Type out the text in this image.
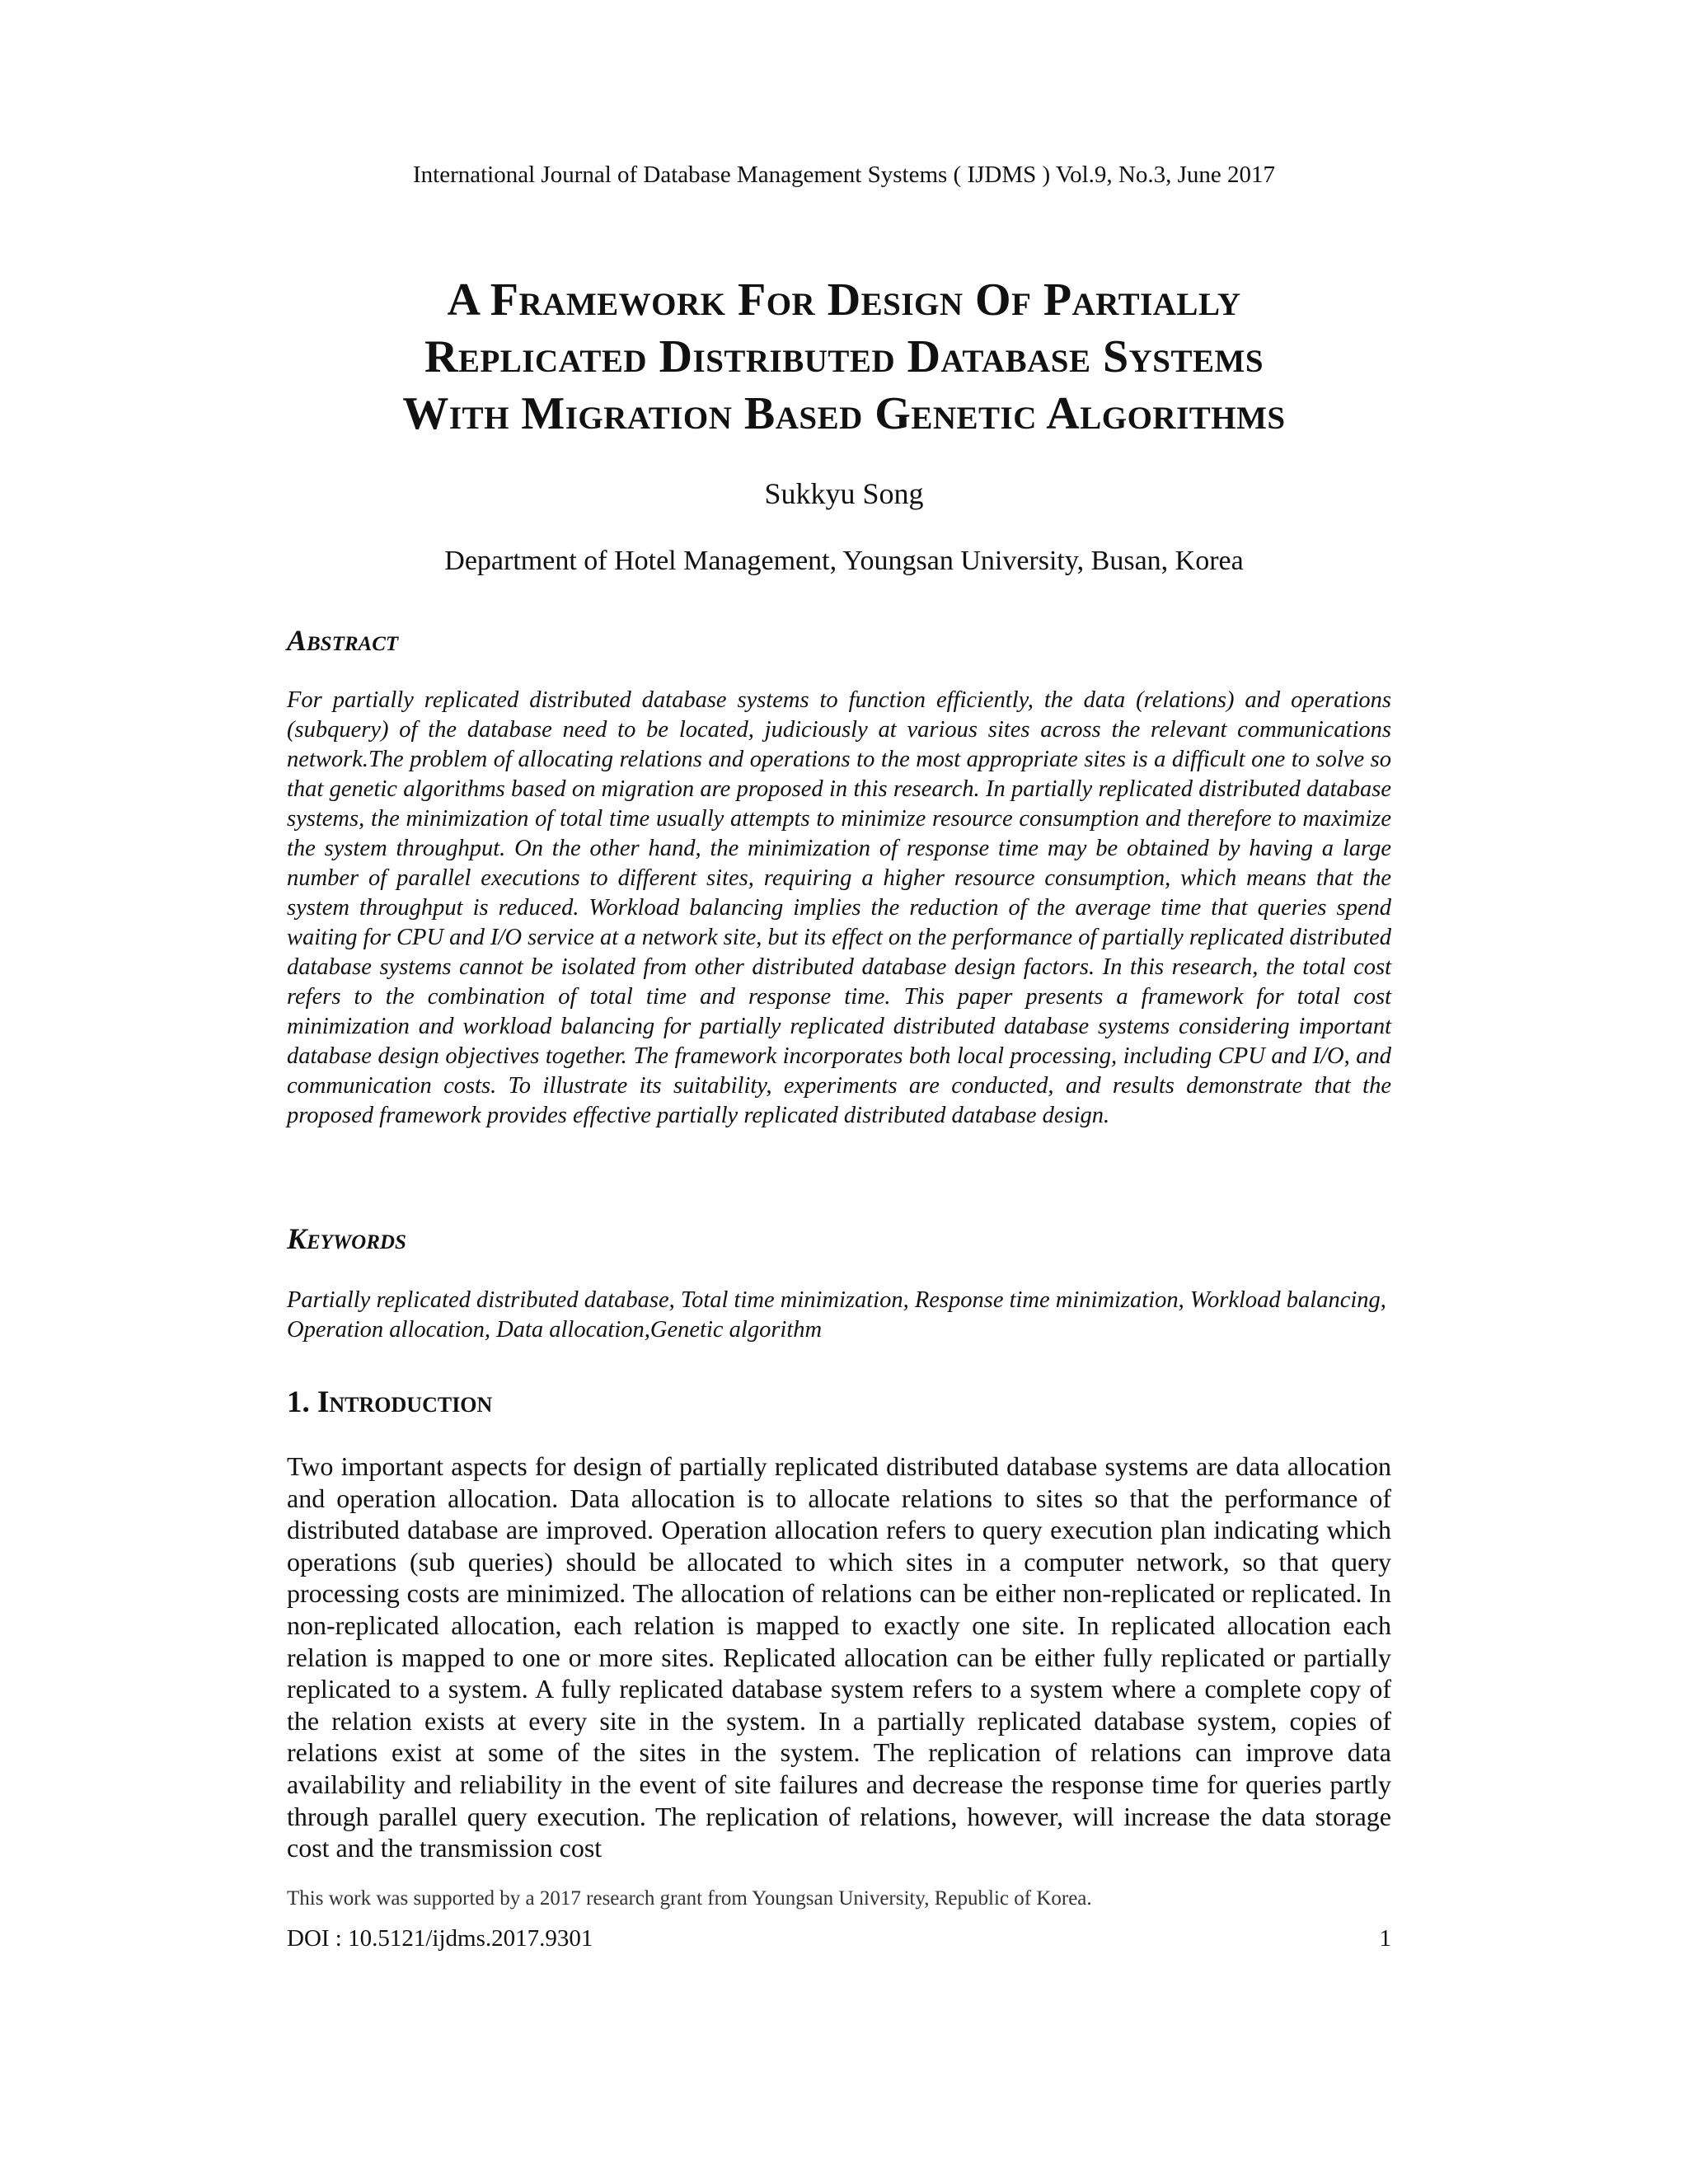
International Journal of Database Management Systems ( IJDMS ) Vol.9, No.3, June 2017
A Framework For Design Of Partially
Replicated Distributed Database Systems
With Migration Based Genetic Algorithms
Sukkyu Song
Department of Hotel Management, Youngsan University, Busan, Korea
Abstract
For partially replicated distributed database systems to function efficiently, the data (relations) and operations (subquery) of the database need to be located, judiciously at various sites across the relevant communications network.The problem of allocating relations and operations to the most appropriate sites is a difficult one to solve so that genetic algorithms based on migration are proposed in this research. In partially replicated distributed database systems, the minimization of total time usually attempts to minimize resource consumption and therefore to maximize the system throughput. On the other hand, the minimization of response time may be obtained by having a large number of parallel executions to different sites, requiring a higher resource consumption, which means that the system throughput is reduced. Workload balancing implies the reduction of the average time that queries spend waiting for CPU and I/O service at a network site, but its effect on the performance of partially replicated distributed database systems cannot be isolated from other distributed database design factors. In this research, the total cost refers to the combination of total time and response time. This paper presents a framework for total cost minimization and workload balancing for partially replicated distributed database systems considering important database design objectives together. The framework incorporates both local processing, including CPU and I/O, and communication costs. To illustrate its suitability, experiments are conducted, and results demonstrate that the proposed framework provides effective partially replicated distributed database design.
Keywords
Partially replicated distributed database, Total time minimization, Response time minimization, Workload balancing, Operation allocation, Data allocation,Genetic algorithm
1. Introduction
Two important aspects for design of partially replicated distributed database systems are data allocation and operation allocation. Data allocation is to allocate relations to sites so that the performance of distributed database are improved. Operation allocation refers to query execution plan indicating which operations (sub queries) should be allocated to which sites in a computer network, so that query processing costs are minimized. The allocation of relations can be either non-replicated or replicated. In non-replicated allocation, each relation is mapped to exactly one site. In replicated allocation each relation is mapped to one or more sites. Replicated allocation can be either fully replicated or partially replicated to a system. A fully replicated database system refers to a system where a complete copy of the relation exists at every site in the system. In a partially replicated database system, copies of relations exist at some of the sites in the system. The replication of relations can improve data availability and reliability in the event of site failures and decrease the response time for queries partly through parallel query execution. The replication of relations, however, will increase the data storage cost and the transmission cost
This work was supported by a 2017 research grant from Youngsan University, Republic of Korea.
DOI : 10.5121/ijdms.2017.9301	1
